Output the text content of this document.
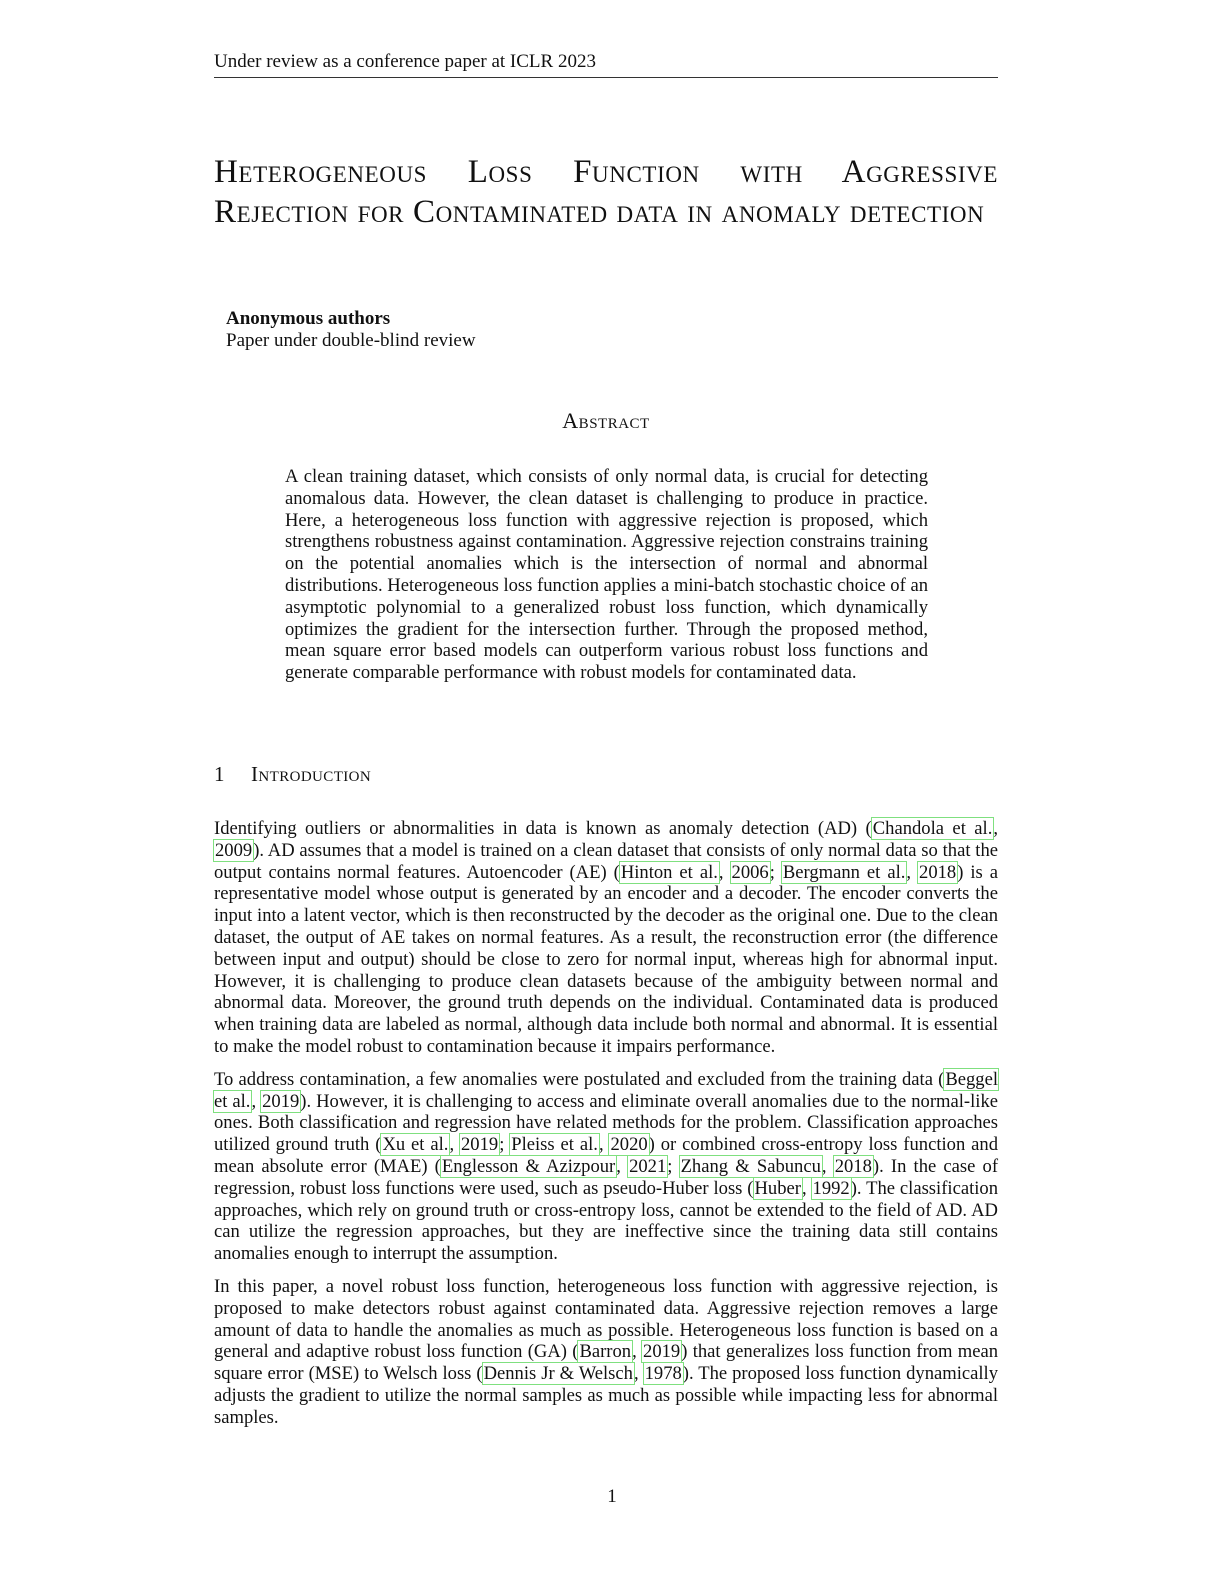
Under review as a conference paper at ICLR 2023
Heterogeneous Loss Function with Aggressive Rejection for Contaminated data in anomaly detection
Anonymous authors
Paper under double-blind review
Abstract
A clean training dataset, which consists of only normal data, is crucial for detecting anomalous data. However, the clean dataset is challenging to produce in practice. Here, a heterogeneous loss function with aggressive rejection is proposed, which strengthens robustness against contamination. Aggressive rejection constrains training on the potential anomalies which is the intersection of normal and abnormal distributions. Heterogeneous loss function applies a mini-batch stochastic choice of an asymptotic polynomial to a generalized robust loss function, which dynamically optimizes the gradient for the intersection further. Through the proposed method, mean square error based models can outperform various robust loss functions and generate comparable performance with robust models for contaminated data.
1 Introduction

Identifying outliers or abnormalities in data is known as anomaly detection (AD) (Chandola et al., 2009). AD assumes that a model is trained on a clean dataset that consists of only normal data so that the output contains normal features. Autoencoder (AE) (Hinton et al., 2006; Bergmann et al., 2018) is a representative model whose output is generated by an encoder and a decoder. The encoder converts the input into a latent vector, which is then reconstructed by the decoder as the original one. Due to the clean dataset, the output of AE takes on normal features. As a result, the reconstruction error (the difference between input and output) should be close to zero for normal input, whereas high for abnormal input. However, it is challenging to produce clean datasets because of the ambiguity between normal and abnormal data. Moreover, the ground truth depends on the individual. Contaminated data is produced when training data are labeled as normal, although data include both normal and abnormal. It is essential to make the model robust to contamination because it impairs performance.

To address contamination, a few anomalies were postulated and excluded from the training data (Beggel et al., 2019). However, it is challenging to access and eliminate overall anomalies due to the normal-like ones. Both classification and regression have related methods for the problem. Classification approaches utilized ground truth (Xu et al., 2019; Pleiss et al., 2020) or combined cross-entropy loss function and mean absolute error (MAE) (Englesson & Azizpour, 2021; Zhang & Sabuncu, 2018). In the case of regression, robust loss functions were used, such as pseudo-Huber loss (Huber, 1992). The classification approaches, which rely on ground truth or cross-entropy loss, cannot be extended to the field of AD. AD can utilize the regression approaches, but they are ineffective since the training data still contains anomalies enough to interrupt the assumption.

In this paper, a novel robust loss function, heterogeneous loss function with aggressive rejection, is proposed to make detectors robust against contaminated data. Aggressive rejection removes a large amount of data to handle the anomalies as much as possible. Heterogeneous loss function is based on a general and adaptive robust loss function (GA) (Barron, 2019) that generalizes loss function from mean square error (MSE) to Welsch loss (Dennis Jr & Welsch, 1978). The proposed loss function dynamically adjusts the gradient to utilize the normal samples as much as possible while impacting less for abnormal samples.

1
